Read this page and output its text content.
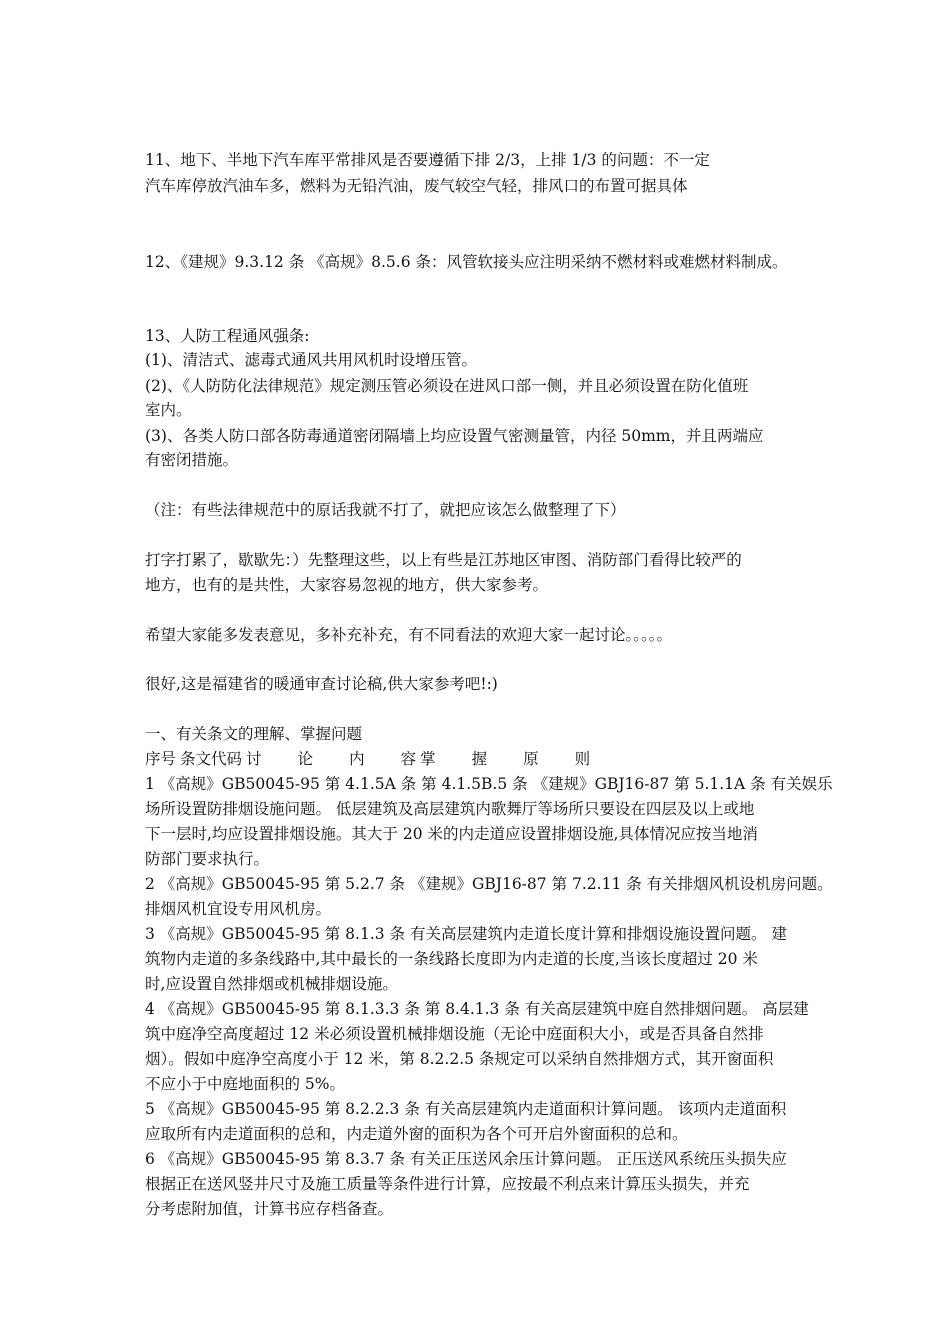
11、地下、半地下汽车库平常排风是否要遵循下排 2/3，上排 1/3 的问题：不一定
汽车库停放汽油车多，燃料为无铅汽油，废气较空气轻，排风口的布置可据具体
12、《建规》9.3.12 条 《高规》8.5.6 条：风管软接头应注明采纳不燃材料或难燃材料制成。
13、人防工程通风强条:
(1)、清洁式、滤毒式通风共用风机时设增压管。
(2)、《人防防化法律规范》规定测压管必须设在进风口部一侧，并且必须设置在防化值班
室内。
(3)、各类人防口部各防毒通道密闭隔墙上均应设置气密测量管，内径 50mm，并且两端应
有密闭措施。
（注：有些法律规范中的原话我就不打了，就把应该怎么做整理了下）
打字打累了，歇歇先：）先整理这些，以上有些是江苏地区审图、消防部门看得比较严的
地方，也有的是共性，大家容易忽视的地方，供大家参考。
希望大家能多发表意见，多补充补充，有不同看法的欢迎大家一起讨论。。。。。
很好,这是福建省的暖通审查讨论稿,供大家参考吧!:)
一、有关条文的理解、掌握问题
序号 条文代码 讨 论 内 容 掌 握 原 则
1 《高规》GB50045-95 第 4.1.5A 条 第 4.1.5B.5 条 《建规》GBJ16-87 第 5.1.1A 条 有关娱乐
场所设置防排烟设施问题。 低层建筑及高层建筑内歌舞厅等场所只要设在四层及以上或地
下一层时,均应设置排烟设施。其大于 20 米的内走道应设置排烟设施,具体情况应按当地消
防部门要求执行。
2 《高规》GB50045-95 第 5.2.7 条 《建规》GBJ16-87 第 7.2.11 条 有关排烟风机设机房问题。
排烟风机宜设专用风机房。
3 《高规》GB50045-95 第 8.1.3 条 有关高层建筑内走道长度计算和排烟设施设置问题。 建
筑物内走道的多条线路中,其中最长的一条线路长度即为内走道的长度,当该长度超过 20 米
时,应设置自然排烟或机械排烟设施。
4 《高规》GB50045-95 第 8.1.3.3 条 第 8.4.1.3 条 有关高层建筑中庭自然排烟问题。 高层建
筑中庭净空高度超过 12 米必须设置机械排烟设施（无论中庭面积大小，或是否具备自然排
烟）。假如中庭净空高度小于 12 米，第 8.2.2.5 条规定可以采纳自然排烟方式，其开窗面积
不应小于中庭地面积的 5%。
5 《高规》GB50045-95 第 8.2.2.3 条 有关高层建筑内走道面积计算问题。 该项内走道面积
应取所有内走道面积的总和，内走道外窗的面积为各个可开启外窗面积的总和。
6 《高规》GB50045-95 第 8.3.7 条 有关正压送风余压计算问题。 正压送风系统压头损失应
根据正在送风竖井尺寸及施工质量等条件进行计算，应按最不利点来计算压头损失，并充
分考虑附加值，计算书应存档备查。
